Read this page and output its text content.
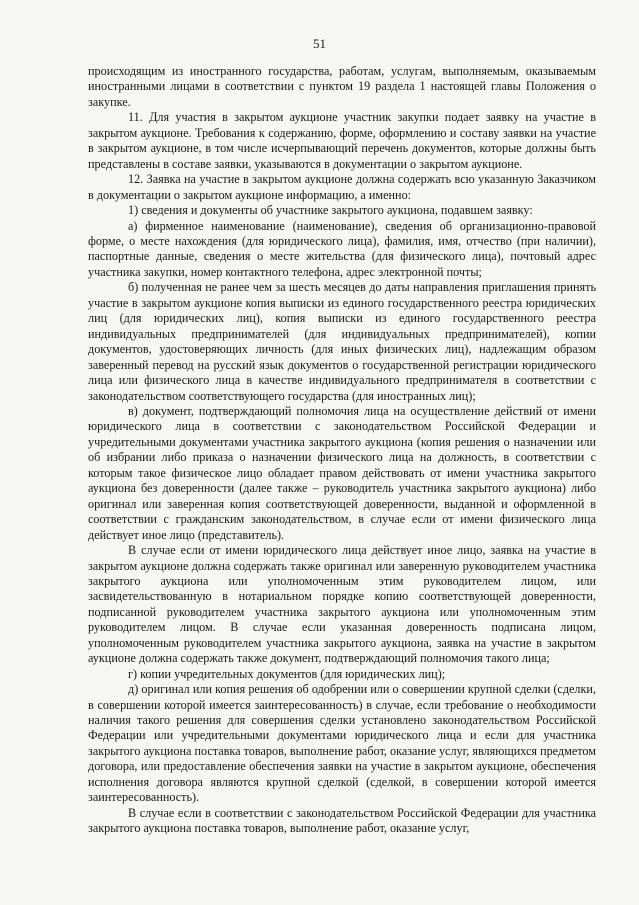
51

происходящим из иностранного государства, работам, услугам, выполняемым, оказываемым иностранными лицами в соответствии с пунктом 19 раздела 1 настоящей главы Положения о закупке.

11. Для участия в закрытом аукционе участник закупки подает заявку на участие в закрытом аукционе. Требования к содержанию, форме, оформлению и составу заявки на участие в закрытом аукционе, в том числе исчерпывающий перечень документов, которые должны быть представлены в составе заявки, указываются в документации о закрытом аукционе.

12. Заявка на участие в закрытом аукционе должна содержать всю указанную Заказчиком в документации о закрытом аукционе информацию, а именно:

1) сведения и документы об участнике закрытого аукциона, подавшем заявку:

а) фирменное наименование (наименование), сведения об организационно-правовой форме, о месте нахождения (для юридического лица), фамилия, имя, отчество (при наличии), паспортные данные, сведения о месте жительства (для физического лица), почтовый адрес участника закупки, номер контактного телефона, адрес электронной почты;

б) полученная не ранее чем за шесть месяцев до даты направления приглашения принять участие в закрытом аукционе копия выписки из единого государственного реестра юридических лиц (для юридических лиц), копия выписки из единого государственного реестра индивидуальных предпринимателей (для индивидуальных предпринимателей), копии документов, удостоверяющих личность (для иных физических лиц), надлежащим образом заверенный перевод на русский язык документов о государственной регистрации юридического лица или физического лица в качестве индивидуального предпринимателя в соответствии с законодательством соответствующего государства (для иностранных лиц);

в) документ, подтверждающий полномочия лица на осуществление действий от имени юридического лица в соответствии с законодательством Российской Федерации и учредительными документами участника закрытого аукциона (копия решения о назначении или об избрании либо приказа о назначении физического лица на должность, в соответствии с которым такое физическое лицо обладает правом действовать от имени участника закрытого аукциона без доверенности (далее также – руководитель участника закрытого аукциона) либо оригинал или заверенная копия соответствующей доверенности, выданной и оформленной в соответствии с гражданским законодательством, в случае если от имени физического лица действует иное лицо (представитель).

В случае если от имени юридического лица действует иное лицо, заявка на участие в закрытом аукционе должна содержать также оригинал или заверенную руководителем участника закрытого аукциона или уполномоченным этим руководителем лицом, или засвидетельствованную в нотариальном порядке копию соответствующей доверенности, подписанной руководителем участника закрытого аукциона или уполномоченным этим руководителем лицом. В случае если указанная доверенность подписана лицом, уполномоченным руководителем участника закрытого аукциона, заявка на участие в закрытом аукционе должна содержать также документ, подтверждающий полномочия такого лица;

г) копии учредительных документов (для юридических лиц);

д) оригинал или копия решения об одобрении или о совершении крупной сделки (сделки, в совершении которой имеется заинтересованность) в случае, если требование о необходимости наличия такого решения для совершения сделки установлено законодательством Российской Федерации или учредительными документами юридического лица и если для участника закрытого аукциона поставка товаров, выполнение работ, оказание услуг, являющихся предметом договора, или предоставление обеспечения заявки на участие в закрытом аукционе, обеспечения исполнения договора являются крупной сделкой (сделкой, в совершении которой имеется заинтересованность).

В случае если в соответствии с законодательством Российской Федерации для участника закрытого аукциона поставка товаров, выполнение работ, оказание услуг,
